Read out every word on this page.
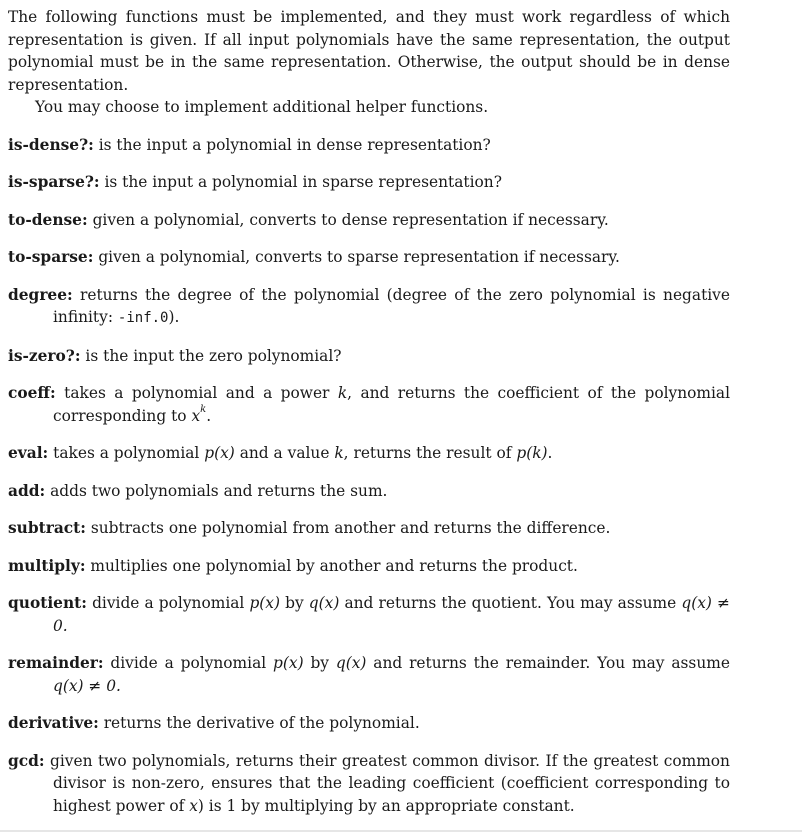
The following functions must be implemented, and they must work regardless of which representation is given. If all input polynomials have the same representation, the output polynomial must be in the same representation. Otherwise, the output should be in dense representation.

You may choose to implement additional helper functions.

is-dense?: is the input a polynomial in dense representation?

is-sparse?: is the input a polynomial in sparse representation?

to-dense: given a polynomial, converts to dense representation if necessary.

to-sparse: given a polynomial, converts to sparse representation if necessary.

degree: returns the degree of the polynomial (degree of the zero polynomial is negative infinity: -inf.0).

is-zero?: is the input the zero polynomial?

coeff: takes a polynomial and a power k, and returns the coefficient of the polynomial corresponding to $x^k$.

eval: takes a polynomial p(x) and a value k, returns the result of p(k).

add: adds two polynomials and returns the sum.

subtract: subtracts one polynomial from another and returns the difference.

multiply: multiplies one polynomial by another and returns the product.

quotient: divide a polynomial p(x) by q(x) and returns the quotient. You may assume q(x) ≠ 0.

remainder: divide a polynomial p(x) by q(x) and returns the remainder. You may assume q(x) ≠ 0.

derivative: returns the derivative of the polynomial.

gcd: given two polynomials, returns their greatest common divisor. If the greatest common divisor is non-zero, ensures that the leading coefficient (coefficient corresponding to highest power of x) is 1 by multiplying by an appropriate constant.
